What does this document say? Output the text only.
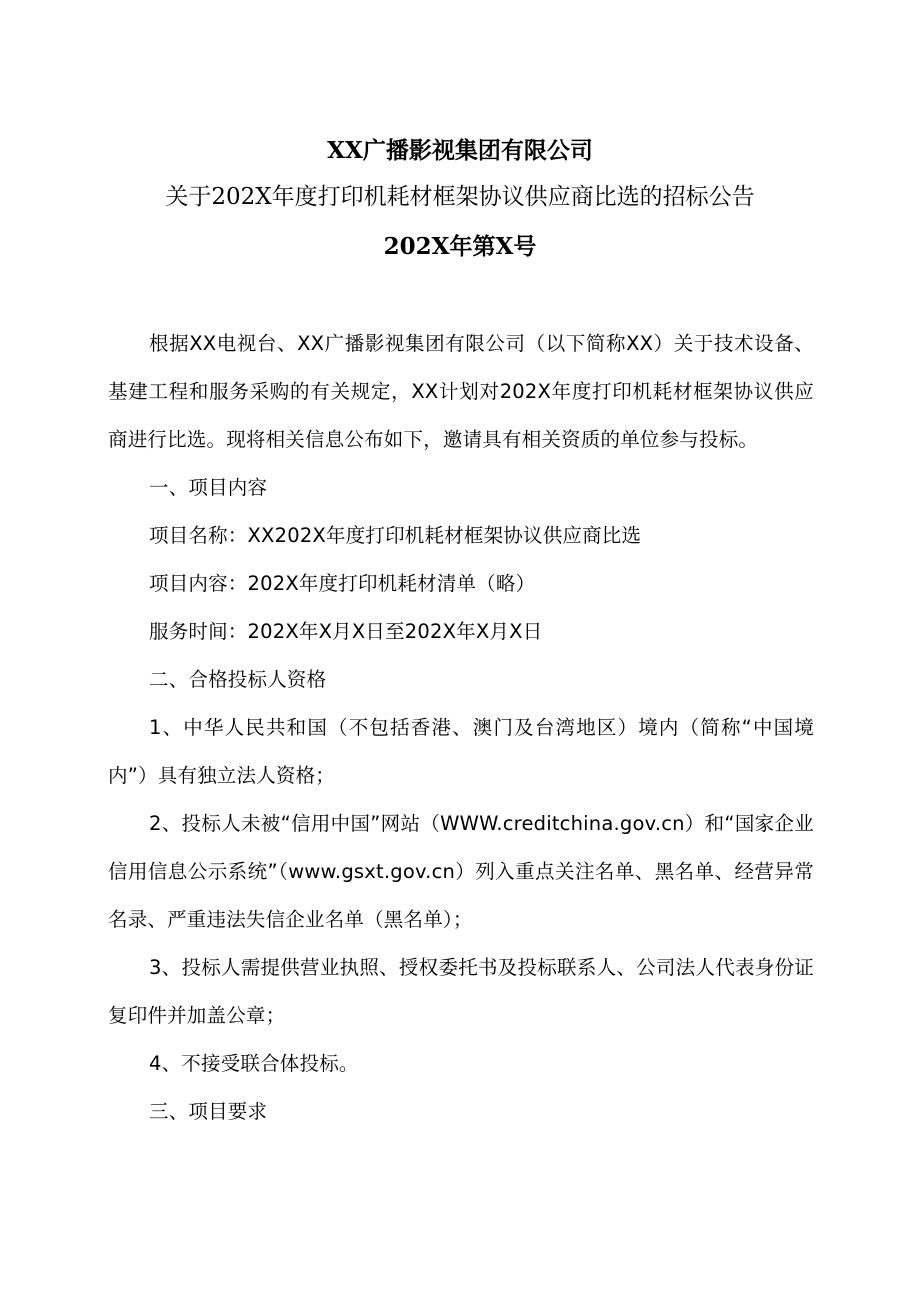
XX广播影视集团有限公司
关于202X年度打印机耗材框架协议供应商比选的招标公告
202X年第X号

根据XX电视台、XX广播影视集团有限公司（以下简称XX）关于技术设备、基建工程和服务采购的有关规定，XX计划对202X年度打印机耗材框架协议供应商进行比选。现将相关信息公布如下，邀请具有相关资质的单位参与投标。

一、项目内容

项目名称：XX202X年度打印机耗材框架协议供应商比选

项目内容：202X年度打印机耗材清单（略）

服务时间：202X年X月X日至202X年X月X日

二、合格投标人资格

1、中华人民共和国（不包括香港、澳门及台湾地区）境内（简称“中国境内”）具有独立法人资格；

2、投标人未被“信用中国”网站（WWW.creditchina.gov.cn）和“国家企业信用信息公示系统”（www.gsxt.gov.cn）列入重点关注名单、黑名单、经营异常名录、严重违法失信企业名单（黑名单）；

3、投标人需提供营业执照、授权委托书及投标联系人、公司法人代表身份证复印件并加盖公章；

4、不接受联合体投标。

三、项目要求
